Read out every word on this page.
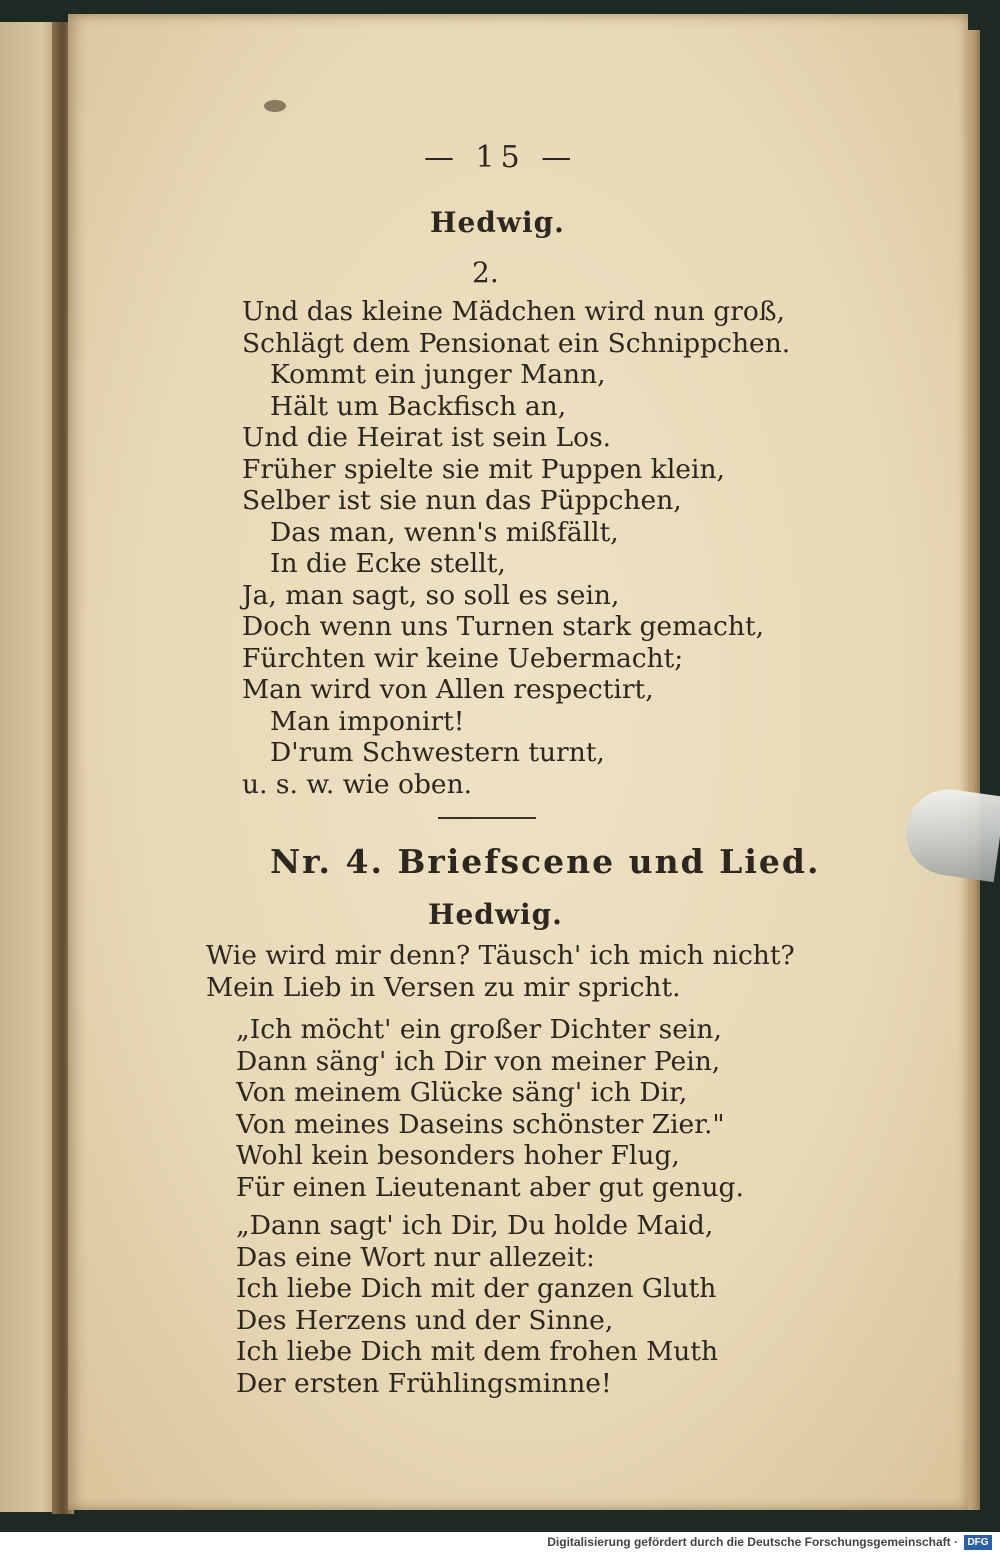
— 15 —
Hedwig.
2.
Und das kleine Mädchen wird nun groß,
Schlägt dem Pensionat ein Schnippchen.
Kommt ein junger Mann,
Hält um Backfisch an,
Und die Heirat ist sein Los.
Früher spielte sie mit Puppen klein,
Selber ist sie nun das Püppchen,
Das man, wenn's mißfällt,
In die Ecke stellt,
Ja, man sagt, so soll es sein,
Doch wenn uns Turnen stark gemacht,
Fürchten wir keine Uebermacht;
Man wird von Allen respectirt,
Man imponirt!
D'rum Schwestern turnt,
u. s. w. wie oben.
Nr. 4. Briefscene und Lied.
Hedwig.
Wie wird mir denn? Täusch' ich mich nicht?
Mein Lieb in Versen zu mir spricht.
„Ich möcht' ein großer Dichter sein,
Dann säng' ich Dir von meiner Pein,
Von meinem Glücke säng' ich Dir,
Von meines Daseins schönster Zier."
Wohl kein besonders hoher Flug,
Für einen Lieutenant aber gut genug.
„Dann sagt' ich Dir, Du holde Maid,
Das eine Wort nur allezeit:
Ich liebe Dich mit der ganzen Gluth
Des Herzens und der Sinne,
Ich liebe Dich mit dem frohen Muth
Der ersten Frühlingsminne!
Digitalisierung gefördert durch die Deutsche Forschungsgemeinschaft · DFG
